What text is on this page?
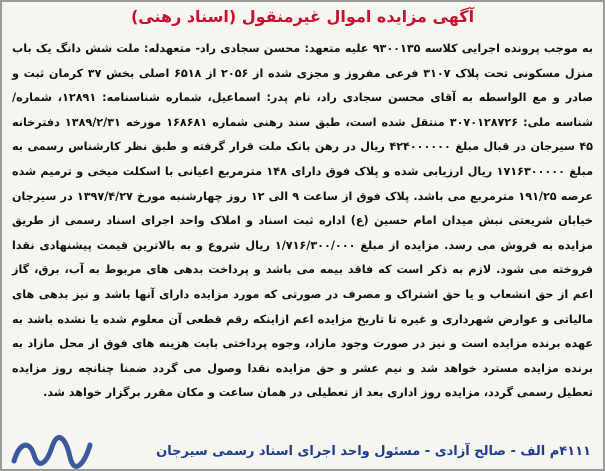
آگهی مزایده اموال غیرمنقول (اسناد رهنی)
به موجب پرونده اجرایی کلاسه ۹۳۰۰۱۳۵ علیه متعهد: محسن سجادی راد- متعهدله: ملت شش دانگ یک باب منزل مسکونی تحت پلاک ۳۱۰۷ فرعی مفروز و مجزی شده از ۲۰۵۶ از ۶۵۱۸ اصلی بخش ۳۷ کرمان ثبت و صادر و مع الواسطه به آقای محسن سجادی راد، نام پدر: اسماعیل، شماره شناسنامه: ۱۲۸۹۱، شماره/ شناسه ملی: ۳۰۷۰۱۲۸۷۲۶ منتقل شده است، طبق سند رهنی شماره ۱۶۸۶۸۱ مورخه ۱۳۸۹/۲/۳۱ دفترخانه ۴۵ سیرجان در قبال مبلغ ۴۲۴۰۰۰۰۰۰ ریال در رهن بانک ملت قرار گرفته و طبق نظر کارشناس رسمی به مبلغ ۱۷۱۶۳۰۰۰۰۰ ریال ارزیابی شده و پلاک فوق دارای ۱۴۸ مترمربع اعیانی با اسکلت میخی و ترمیم شده عرصه ۱۹۱/۲۵ مترمربع می باشد. پلاک فوق از ساعت ۹ الی ۱۲ روز چهارشنبه مورخ ۱۳۹۷/۴/۲۷ در سیرجان خیابان شریعتی نبش میدان امام حسین (ع) اداره ثبت اسناد و املاک واحد اجرای اسناد رسمی از طریق مزایده به فروش می رسد. مزایده از مبلغ ۱/۷۱۶/۳۰۰/۰۰۰ ریال شروع و به بالاترین قیمت پیشنهادی نقدا فروخته می شود. لازم به ذکر است که فاقد بیمه می باشد و پرداخت بدهی های مربوط به آب، برق، گاز اعم از حق انشعاب و یا حق اشتراک و مصرف در صورتی که مورد مزایده دارای آنها باشد و نیز بدهی های مالیاتی و عوارض شهرداری و غیره تا تاریخ مزایده اعم ازاینکه رقم قطعی آن معلوم شده یا نشده باشد به عهده برنده مزایده است و نیز در صورت وجود مازاد، وجوه پرداختی بابت هزینه های فوق از محل مازاد به برنده مزایده مسترد خواهد شد و نیم عشر و حق مزایده نقدا وصول می گردد ضمنا چنانچه روز مزایده تعطیل رسمی گردد، مزایده روز اداری بعد از تعطیلی در همان ساعت و مکان مقرر برگزار خواهد شد.
۴۱۱۱م الف - صالح آزادی - مسئول واحد اجرای اسناد رسمی سیرجان
